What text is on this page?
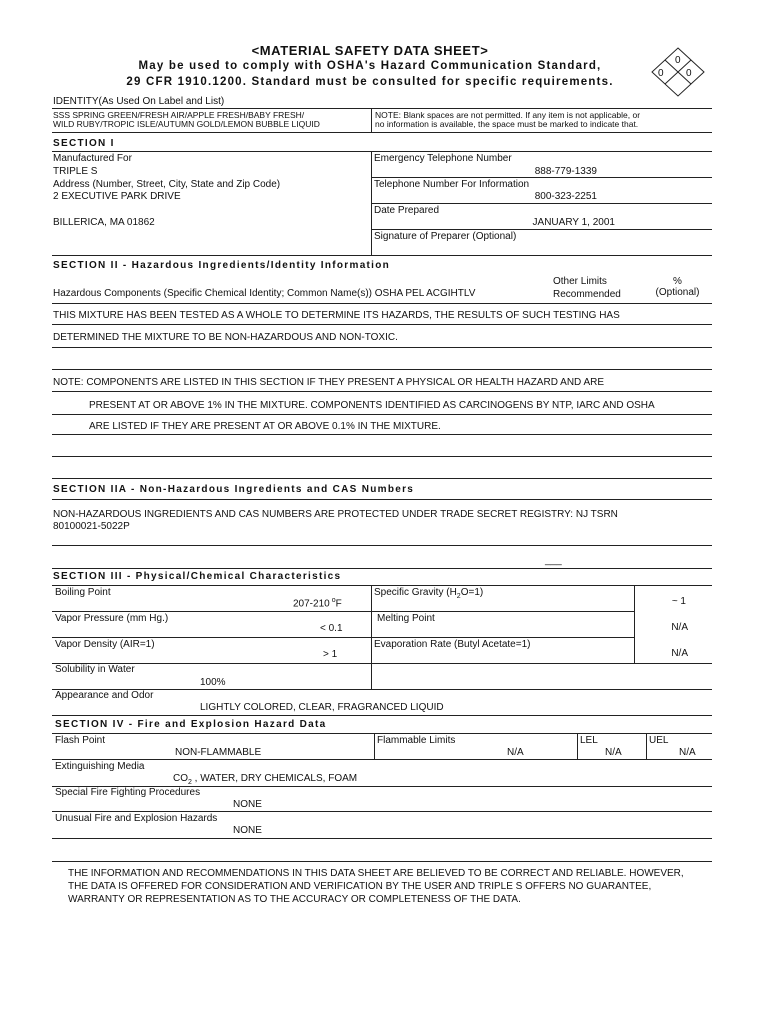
<MATERIAL SAFETY DATA SHEET>
May be used to comply with OSHA's Hazard Communication Standard,
29 CFR 1910.1200. Standard must be consulted for specific requirements.
0
0 0
IDENTITY(As Used On Label and List)
SSS SPRING GREEN/FRESH AIR/APPLE FRESH/BABY FRESH/
WILD RUBY/TROPIC ISLE/AUTUMN GOLD/LEMON BUBBLE LIQUID
NOTE: Blank spaces are not permitted. If any item is not applicable, or
no information is available, the space must be marked to indicate that.
SECTION I
Manufactured For
TRIPLE S
Address (Number, Street, City, State and Zip Code)
2 EXECUTIVE PARK DRIVE
BILLERICA, MA 01862
Emergency Telephone Number
888-779-1339
Telephone Number For Information
800-323-2251
Date Prepared
JANUARY 1, 2001
Signature of Preparer (Optional)
SECTION II - Hazardous Ingredients/Identity Information
Hazardous Components (Specific Chemical Identity; Common Name(s)) OSHA PEL ACGIHTLV
Other Limits
Recommended
%
(Optional)
THIS MIXTURE HAS BEEN TESTED AS A WHOLE TO DETERMINE ITS HAZARDS, THE RESULTS OF SUCH TESTING HAS
DETERMINED THE MIXTURE TO BE NON-HAZARDOUS AND NON-TOXIC.
NOTE: COMPONENTS ARE LISTED IN THIS SECTION IF THEY PRESENT A PHYSICAL OR HEALTH HAZARD AND ARE
PRESENT AT OR ABOVE 1% IN THE MIXTURE. COMPONENTS IDENTIFIED AS CARCINOGENS BY NTP, IARC AND OSHA
ARE LISTED IF THEY ARE PRESENT AT OR ABOVE 0.1% IN THE MIXTURE.
SECTION IIA - Non-Hazardous Ingredients and CAS Numbers
NON-HAZARDOUS INGREDIENTS AND CAS NUMBERS ARE PROTECTED UNDER TRADE SECRET REGISTRY: NJ TSRN
80100021-5022P
___
SECTION III - Physical/Chemical Characteristics
Boiling Point
207-210 $^o$F
Specific Gravity $(H_2O=1)$
~ 1
Vapor Pressure (mm Hg.)
< 0.1
Melting Point
N/A
Vapor Density (AIR=1)
> 1
Evaporation Rate (Butyl Acetate=1)
N/A
Solubility in Water
100%
Appearance and Odor
LIGHTLY COLORED, CLEAR, FRAGRANCED LIQUID
SECTION IV - Fire and Explosion Hazard Data
Flash Point
NON-FLAMMABLE
Flammable Limits
N/A
LEL
N/A
UEL
N/A
Extinguishing Media
$CO_2$ , WATER, DRY CHEMICALS, FOAM
Special Fire Fighting Procedures
NONE
Unusual Fire and Explosion Hazards
NONE
THE INFORMATION AND RECOMMENDATIONS IN THIS DATA SHEET ARE BELIEVED TO BE CORRECT AND RELIABLE. HOWEVER,
THE DATA IS OFFERED FOR CONSIDERATION AND VERIFICATION BY THE USER AND TRIPLE S OFFERS NO GUARANTEE,
WARRANTY OR REPRESENTATION AS TO THE ACCURACY OR COMPLETENESS OF THE DATA.
